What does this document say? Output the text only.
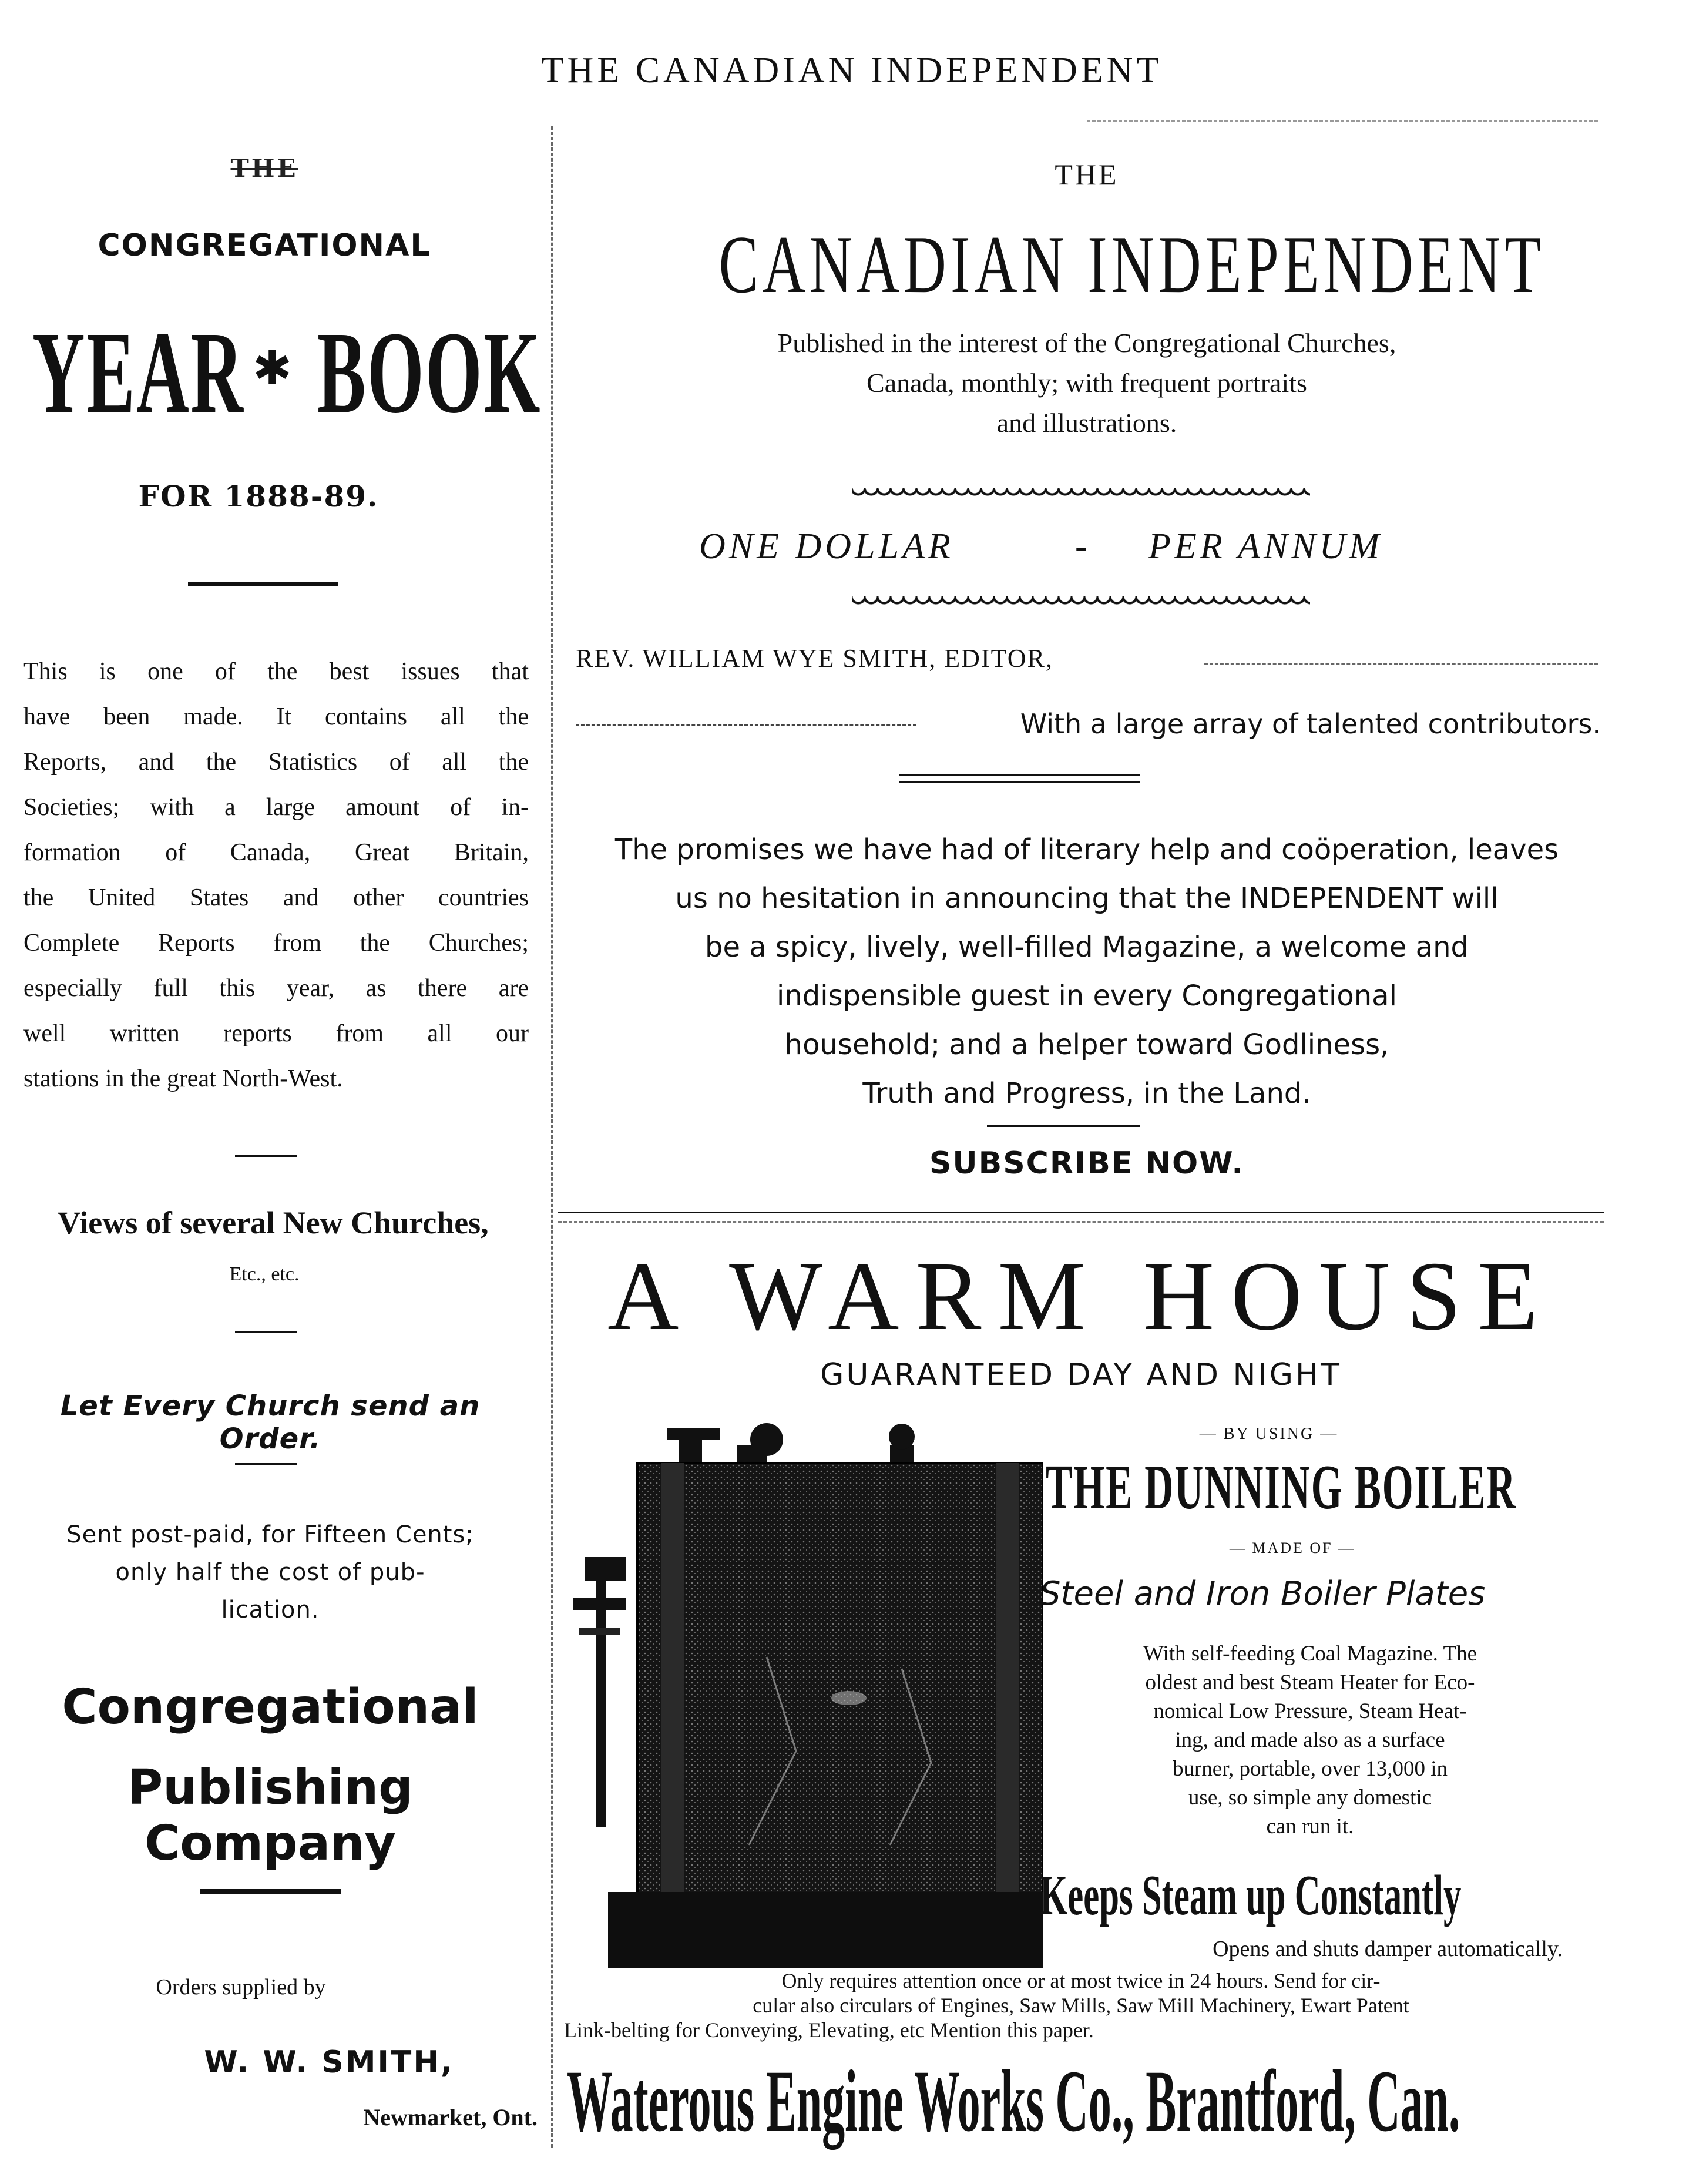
THE CANADIAN INDEPENDENT
THE
CONGREGATIONAL
YEAR ✱ BOOK
FOR 1888-89.
This is one of the best issues that
have been made. It contains all the
Reports, and the Statistics of all the
Societies; with a large amount of in-
formation of Canada, Great Britain,
the United States and other countries
Complete Reports from the Churches;
especially full this year, as there are
well written reports from all our
stations in the great North-West.
Views of several New Churches,
Etc., etc.
Let Every Church send an Order.
Sent post-paid, for Fifteen Cents;
only half the cost of pub-
lication.
Congregational
Publishing Company
Orders supplied by
W. W. SMITH,
Newmarket, Ont.
THE
CANADIAN INDEPENDENT
Published in the interest of the Congregational Churches,
Canada, monthly; with frequent portraits
and illustrations.
ONE DOLLAR	- PER ANNUM
REV. WILLIAM WYE SMITH, EDITOR,
With a large array of talented contributors.
The promises we have had of literary help and coöperation, leaves
us no hesitation in announcing that the INDEPENDENT will
be a spicy, lively, well-filled Magazine, a welcome and
indispensible guest in every Congregational
household; and a helper toward Godliness,
Truth and Progress, in the Land.
SUBSCRIBE NOW.
A WARM HOUSE
GUARANTEED DAY AND NIGHT
— BY USING —
THE DUNNING BOILER
— MADE OF —
Steel and Iron Boiler Plates
With self-feeding Coal Magazine. The
oldest and best Steam Heater for Eco-
nomical Low Pressure, Steam Heat-
ing, and made also as a surface
burner, portable, over 13,000 in
use, so simple any domestic
can run it.
Keeps Steam up Constantly
Opens and shuts damper automatically.
Only requires attention once or at most twice in 24 hours. Send for cir-
cular also circulars of Engines, Saw Mills, Saw Mill Machinery, Ewart Patent
Link-belting for Conveying, Elevating, etc Mention this paper.
Waterous Engine Works Co., Brantford, Can.
